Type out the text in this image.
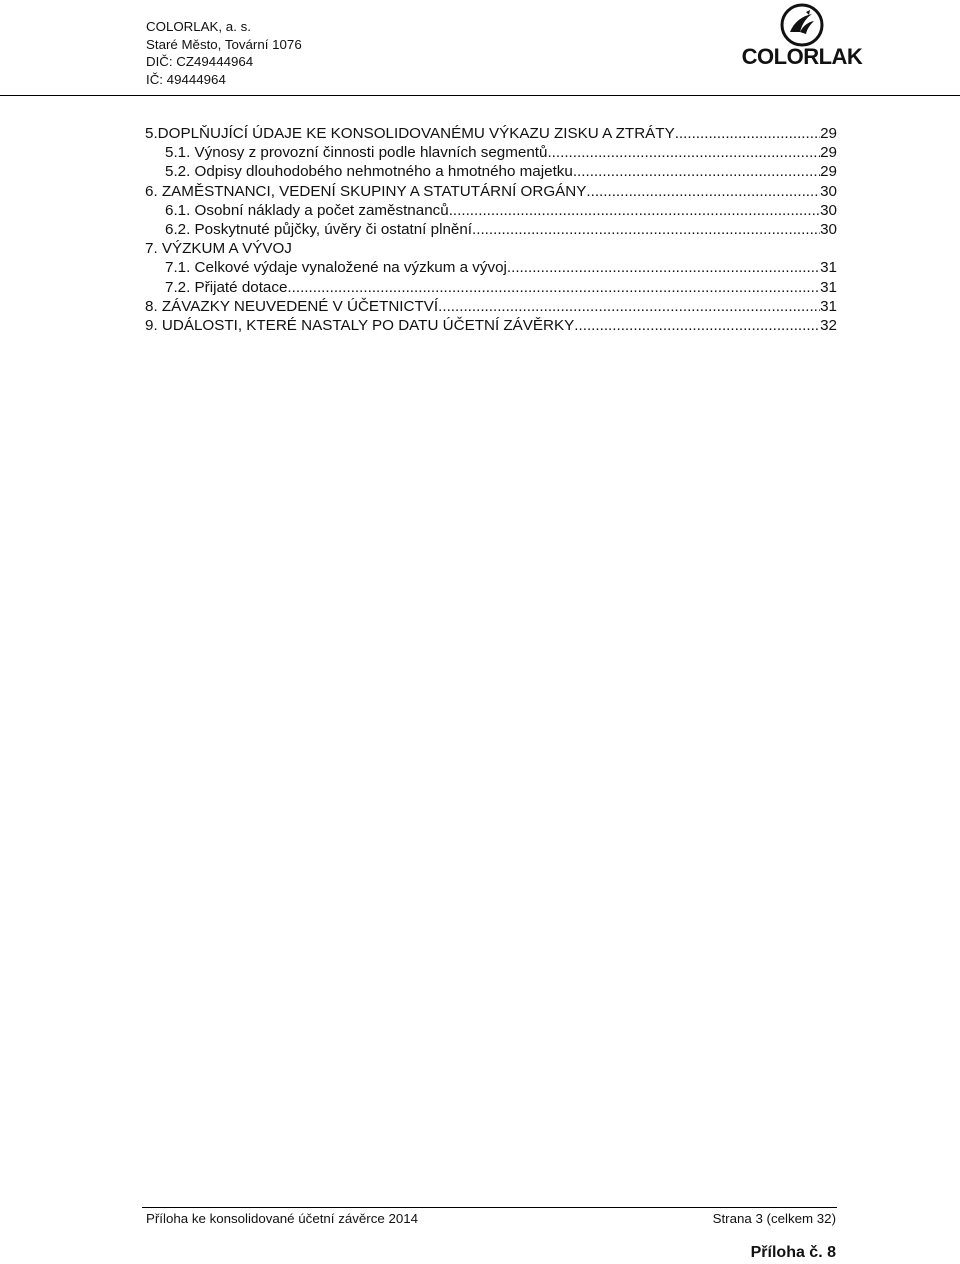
COLORLAK, a. s.
Staré Město, Tovární 1076
DIČ: CZ49444964
IČ: 49444964
COLORLAK
5.DOPLŇUJÍCÍ ÚDAJE KE KONSOLIDOVANÉMU VÝKAZU ZISKU A ZTRÁTY .....	29
5.1. Výnosy z provozní činnosti podle hlavních segmentů .....	29
5.2. Odpisy dlouhodobého nehmotného a hmotného majetku .....	29
6. ZAMĚSTNANCI, VEDENÍ SKUPINY A STATUTÁRNÍ ORGÁNY .....	30
6.1. Osobní náklady a počet zaměstnanců .....	30
6.2. Poskytnuté půjčky, úvěry či ostatní plnění .....	30
7. VÝZKUM A VÝVOJ
7.1. Celkové výdaje vynaložené na výzkum a vývoj .....	31
7.2. Přijaté dotace .....	31
8. ZÁVAZKY NEUVEDENÉ V ÚČETNICTVÍ .....	31
9. UDÁLOSTI, KTERÉ NASTALY PO DATU ÚČETNÍ ZÁVĚRKY .....	32
Příloha ke konsolidované účetní závěrce 2014	Strana 3 (celkem 32)
Příloha č. 8
